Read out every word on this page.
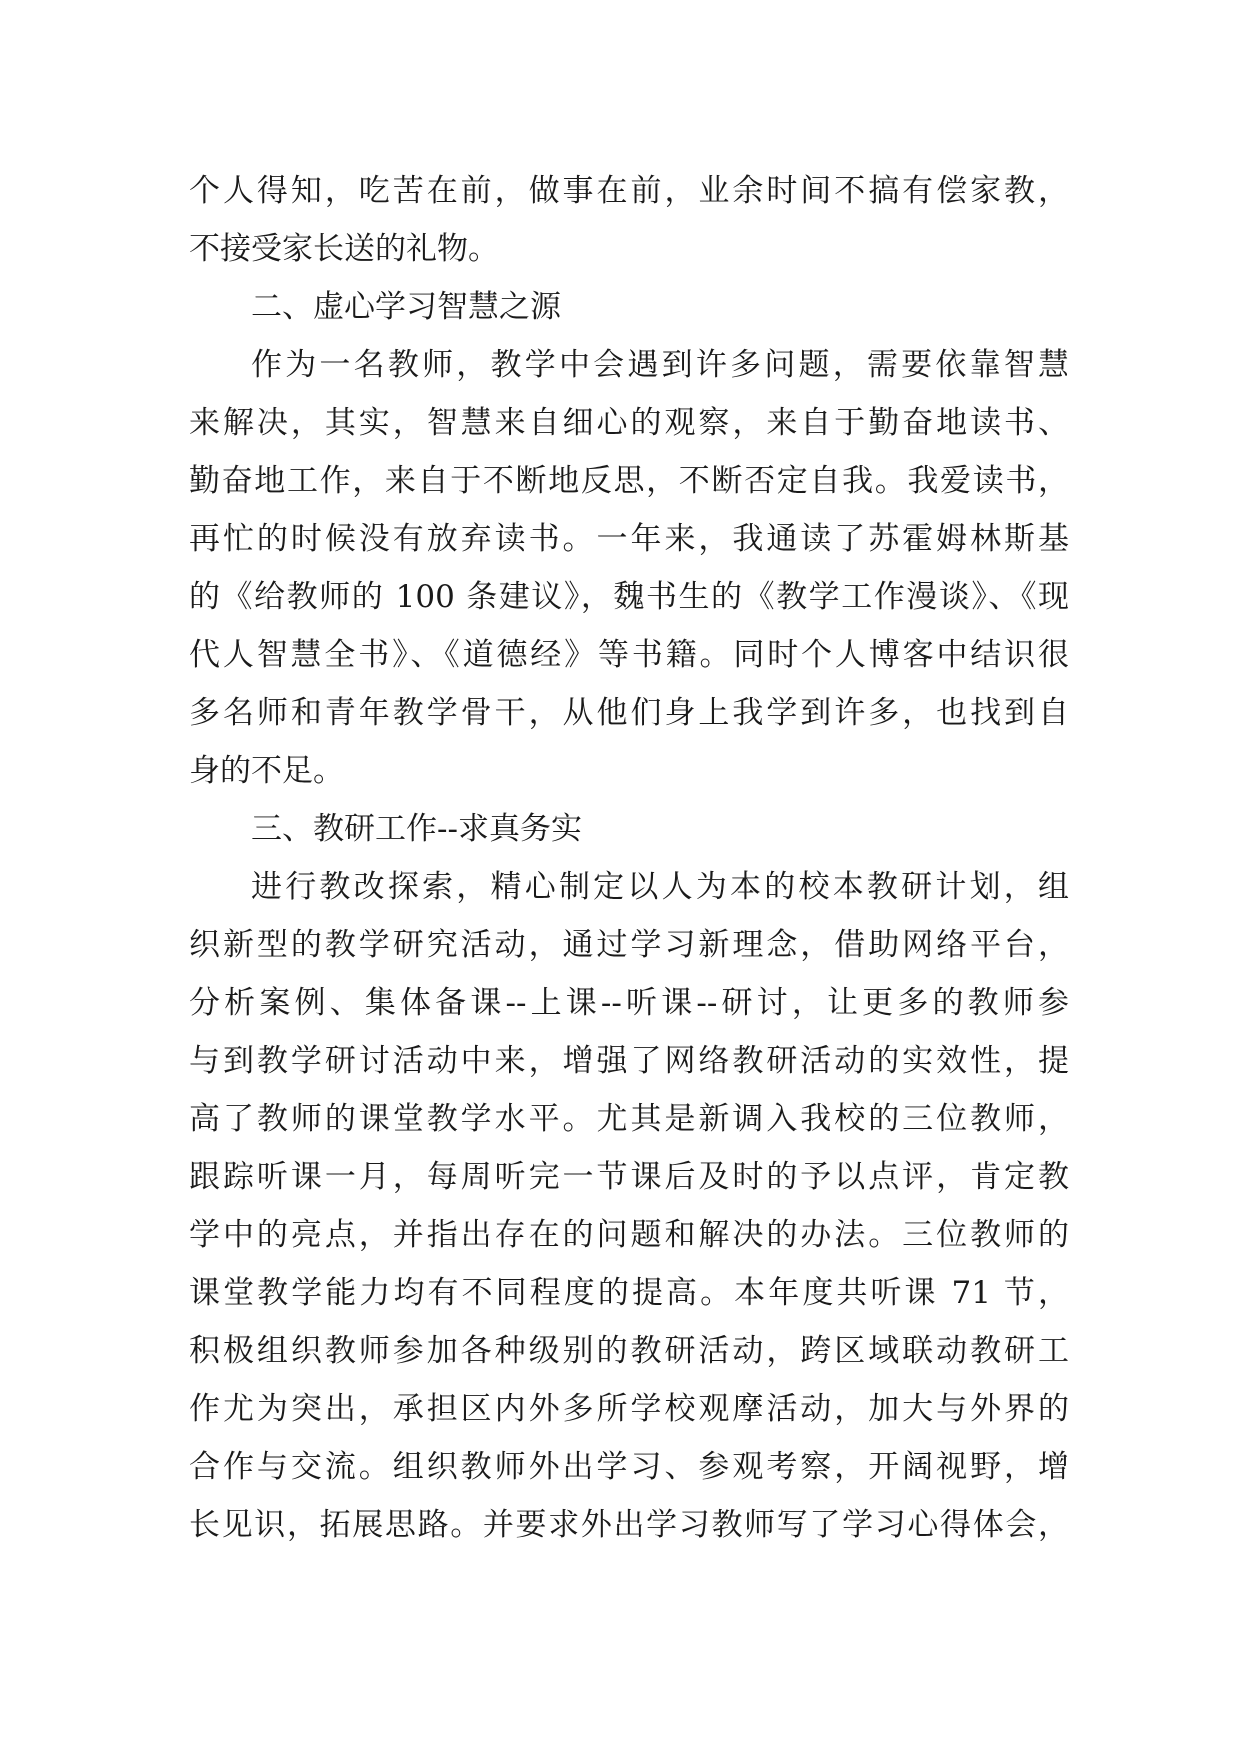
个人得知，吃苦在前，做事在前，业余时间不搞有偿家教，
不接受家长送的礼物。
二、虚心学习智慧之源
作为一名教师，教学中会遇到许多问题，需要依靠智慧
来解决，其实，智慧来自细心的观察，来自于勤奋地读书、
勤奋地工作，来自于不断地反思，不断否定自我。我爱读书，
再忙的时候没有放弃读书。一年来，我通读了苏霍姆林斯基
的《给教师的 100 条建议》，魏书生的《教学工作漫谈》、《现
代人智慧全书》、《道德经》等书籍。同时个人博客中结识很
多名师和青年教学骨干，从他们身上我学到许多，也找到自
身的不足。
三、教研工作--求真务实
进行教改探索，精心制定以人为本的校本教研计划，组
织新型的教学研究活动，通过学习新理念，借助网络平台，
分析案例、集体备课--上课--听课--研讨，让更多的教师参
与到教学研讨活动中来，增强了网络教研活动的实效性，提
高了教师的课堂教学水平。尤其是新调入我校的三位教师，
跟踪听课一月，每周听完一节课后及时的予以点评，肯定教
学中的亮点，并指出存在的问题和解决的办法。三位教师的
课堂教学能力均有不同程度的提高。本年度共听课 71 节，
积极组织教师参加各种级别的教研活动，跨区域联动教研工
作尤为突出，承担区内外多所学校观摩活动，加大与外界的
合作与交流。组织教师外出学习、参观考察，开阔视野，增
长见识，拓展思路。并要求外出学习教师写了学习心得体会，
